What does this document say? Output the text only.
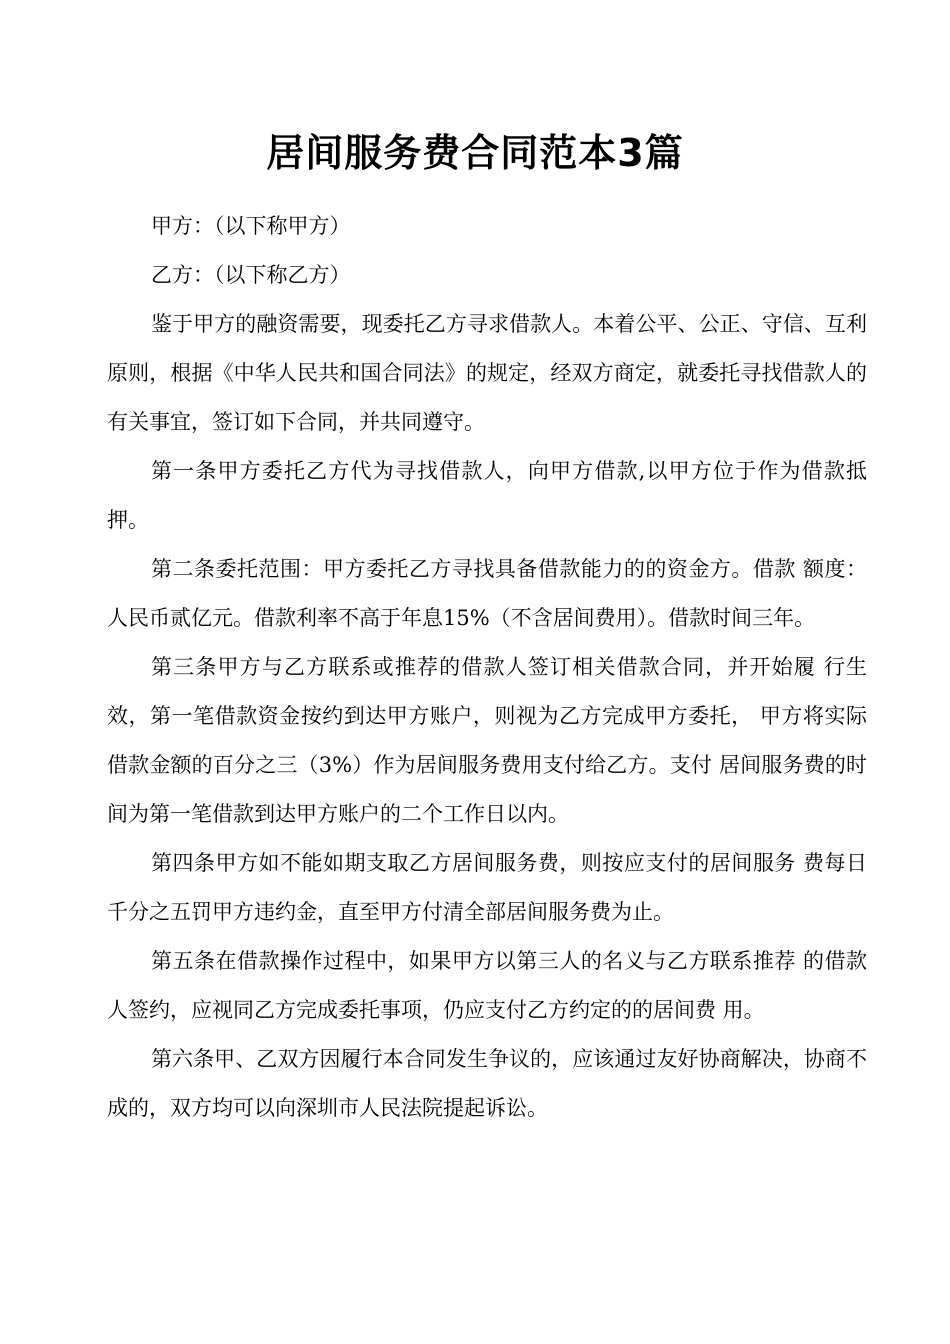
居间服务费合同范本3篇

甲方：（以下称甲方）

乙方：（以下称乙方）

鉴于甲方的融资需要，现委托乙方寻求借款人。本着公平、公正、守信、互利原则，根据《中华人民共和国合同法》的规定，经双方商定，就委托寻找借款人的有关事宜，签订如下合同，并共同遵守。

第一条甲方委托乙方代为寻找借款人，向甲方借款,以甲方位于作为借款抵押。

第二条委托范围：甲方委托乙方寻找具备借款能力的的资金方。借款 额度：人民币贰亿元。借款利率不高于年息15%（不含居间费用）。借款时间三年。

第三条甲方与乙方联系或推荐的借款人签订相关借款合同，并开始履 行生效，第一笔借款资金按约到达甲方账户，则视为乙方完成甲方委托， 甲方将实际借款金额的百分之三（3%）作为居间服务费用支付给乙方。支付 居间服务费的时间为第一笔借款到达甲方账户的二个工作日以内。

第四条甲方如不能如期支取乙方居间服务费，则按应支付的居间服务 费每日千分之五罚甲方违约金，直至甲方付清全部居间服务费为止。

第五条在借款操作过程中，如果甲方以第三人的名义与乙方联系推荐 的借款人签约，应视同乙方完成委托事项，仍应支付乙方约定的的居间费 用。

第六条甲、乙双方因履行本合同发生争议的，应该通过友好协商解决，协商不成的，双方均可以向深圳市人民法院提起诉讼。
